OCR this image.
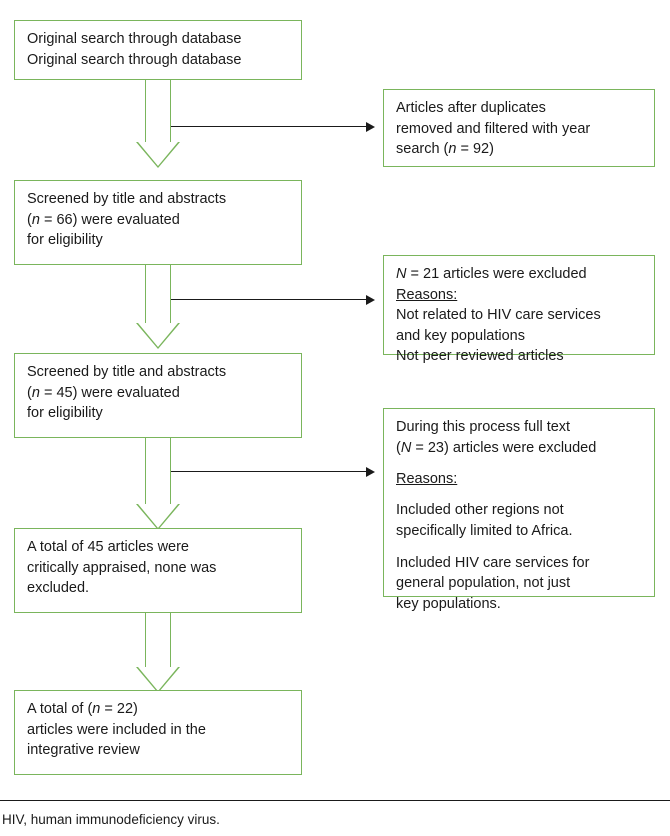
Original search through database

Original search through database

Articles after duplicates

removed and filtered with year

search (n = 92)

Screened by title and abstracts

(n = 66) were evaluated

for eligibility

N = 21 articles were excluded

Reasons:

Not related to HIV care services

and key populations

Not peer reviewed articles

Screened by title and abstracts

(n = 45) were evaluated

for eligibility

During this process full text

(N = 23) articles were excluded

Reasons:

Included other regions not

specifically limited to Africa.

Included HIV care services for

general population, not just

key populations.

A total of 45 articles were

critically appraised, none was

excluded.

A total of (n = 22)

articles were included in the

integrative review

HIV, human immunodeficiency virus.
